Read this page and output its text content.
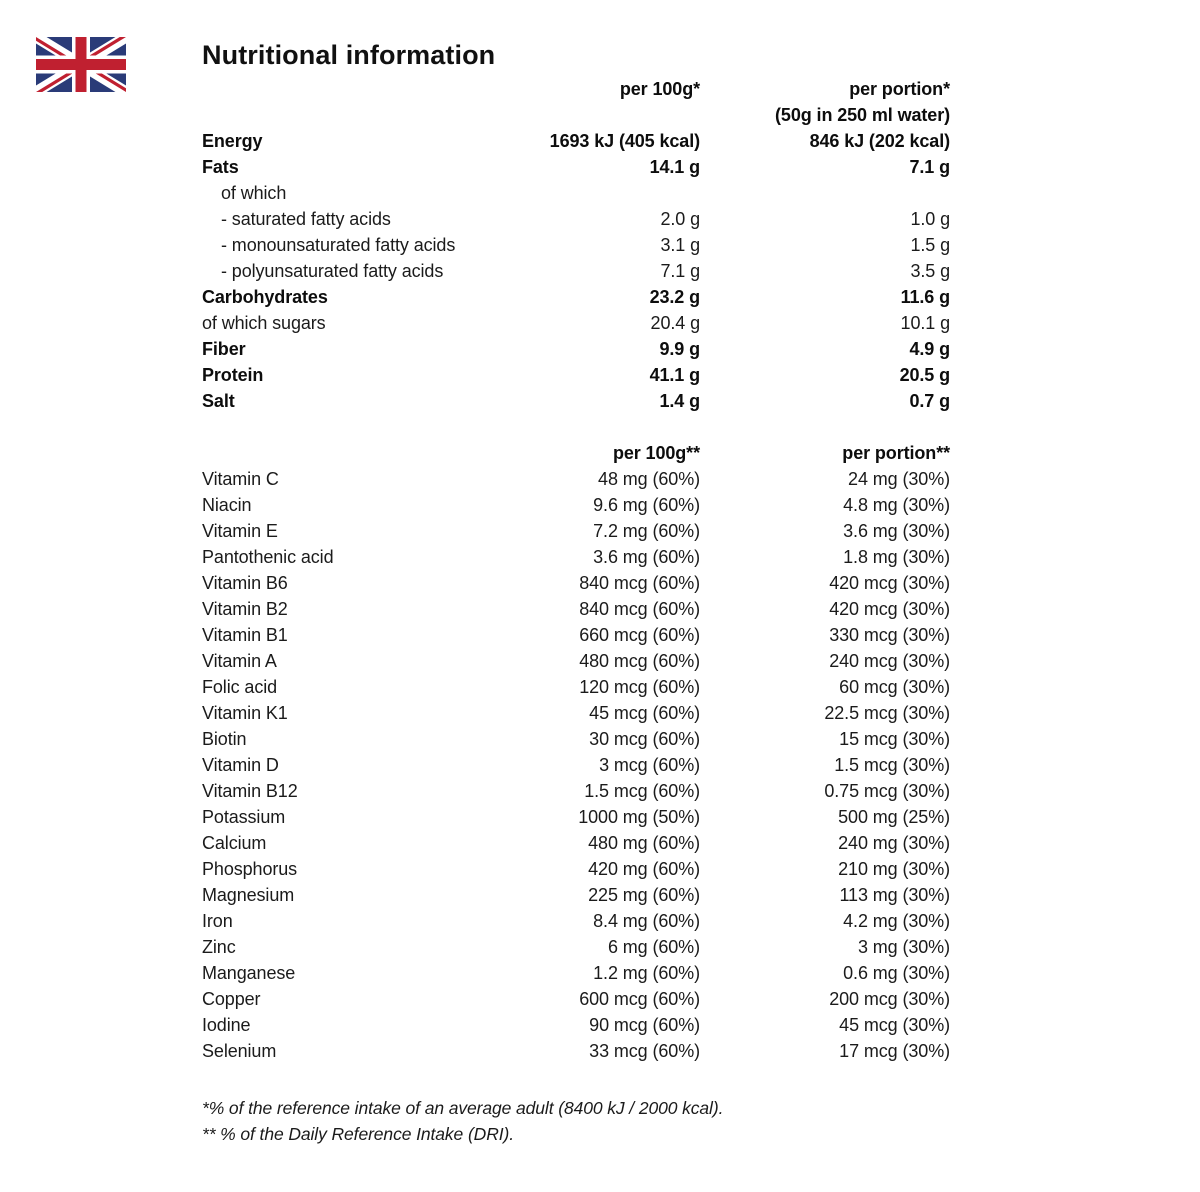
Nutritional information
per 100g*	per portion*
(50g in 250 ml water)
Energy	1693 kJ (405 kcal)	846 kJ (202 kcal)
Fats	14.1 g	7.1 g
of which
- saturated fatty acids	2.0 g	1.0 g
- monounsaturated fatty acids	3.1 g	1.5 g
- polyunsaturated fatty acids	7.1 g	3.5 g
Carbohydrates	23.2 g	11.6 g
of which sugars	20.4 g	10.1 g
Fiber	9.9 g	4.9 g
Protein	41.1 g	20.5 g
Salt	1.4 g	0.7 g
per 100g**	per portion**
Vitamin C	48 mg (60%)	24 mg (30%)
Niacin	9.6 mg (60%)	4.8 mg (30%)
Vitamin E	7.2 mg (60%)	3.6 mg (30%)
Pantothenic acid	3.6 mg (60%)	1.8 mg (30%)
Vitamin B6	840 mcg (60%)	420 mcg (30%)
Vitamin B2	840 mcg (60%)	420 mcg (30%)
Vitamin B1	660 mcg (60%)	330 mcg (30%)
Vitamin A	480 mcg (60%)	240 mcg (30%)
Folic acid	120 mcg (60%)	60 mcg (30%)
Vitamin K1	45 mcg (60%)	22.5 mcg (30%)
Biotin	30 mcg (60%)	15 mcg (30%)
Vitamin D	3 mcg (60%)	1.5 mcg (30%)
Vitamin B12	1.5 mcg (60%)	0.75 mcg (30%)
Potassium	1000 mg (50%)	500 mg (25%)
Calcium	480 mg (60%)	240 mg (30%)
Phosphorus	420 mg (60%)	210 mg (30%)
Magnesium	225 mg (60%)	113 mg (30%)
Iron	8.4 mg (60%)	4.2 mg (30%)
Zinc	6 mg (60%)	3 mg (30%)
Manganese	1.2 mg (60%)	0.6 mg (30%)
Copper	600 mcg (60%)	200 mcg (30%)
Iodine	90 mcg (60%)	45 mcg (30%)
Selenium	33 mcg (60%)	17 mcg (30%)
*% of the reference intake of an average adult (8400 kJ / 2000 kcal).
** % of the Daily Reference Intake (DRI).
